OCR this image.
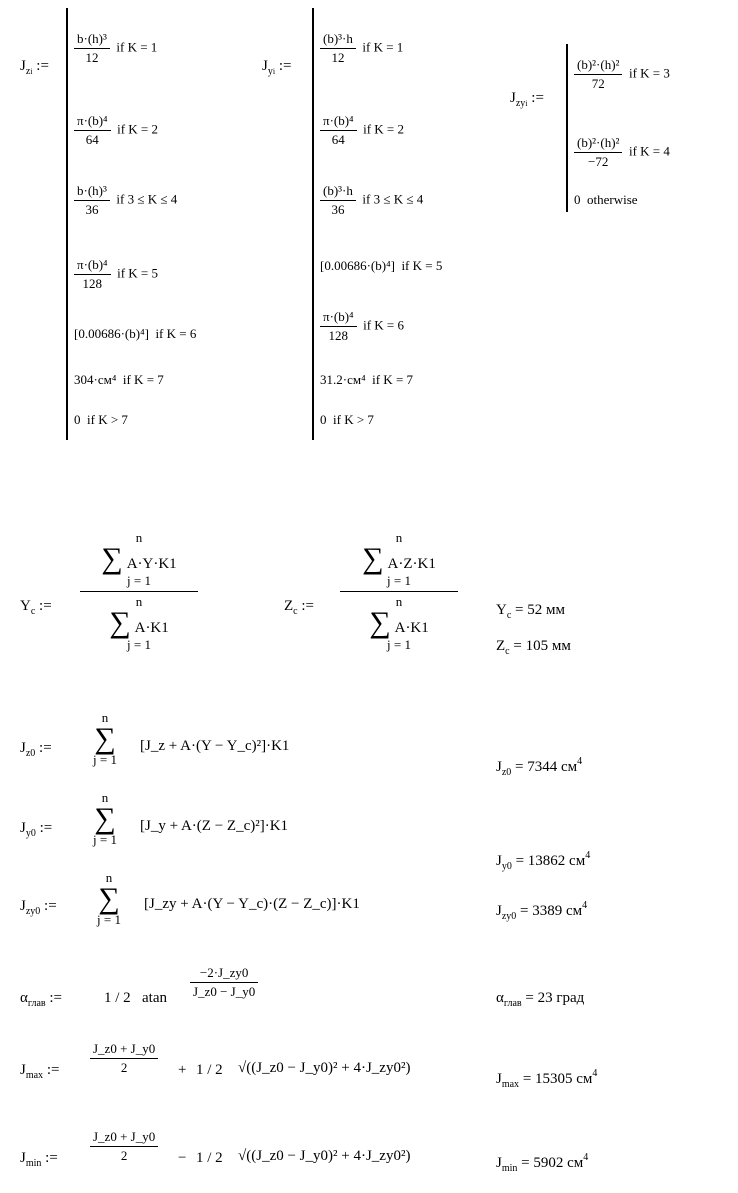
$J_{zi}$ := $\frac{\text{b·(h)³}}{12}$ if K = 1
$\frac{\text{π·(b)⁴}}{64}$ if K = 2
$\frac{\text{b·(h)³}}{36}$ if 3 ≤ K ≤ 4
$\frac{\text{π·(b)⁴}}{128}$ if K = 5
[0.00686·(b)⁴] if K = 6
304·см⁴ if K = 7
0 if K > 7
$J_{yi}$ := $\frac{\text{(b)³·h}}{12}$ if K = 1
$\frac{\text{π·(b)⁴}}{64}$ if K = 2
$\frac{\text{(b)³·h}}{36}$ if 3 ≤ K ≤ 4
[0.00686·(b)⁴] if K = 5
$\frac{\text{π·(b)⁴}}{128}$ if K = 6
31.2·см⁴ if K = 7
0 if K > 7
$J_{zyi}$ :=
$\frac{\text{(b)²·(h)²}}{72}$ if K = 3
$\frac{\text{(b)²·(h)²}}{-72}$ if K = 4
0 otherwise
$Y_c$ :=
n
∑ A·Y·K1
j = 1
n
∑ A·K1
j = 1
$Z_c$ :=
n
∑ A·Z·K1
j = 1
n
∑ A·K1
j = 1
$Y_c = 52$ мм
$Z_c = 105$ мм
$J_{z0}$ :=
n
∑
j = 1
[J_z + A·(Y − Y_c)²]·K1
$J_{z0} = 7344$ $см^4$
$J_{y0}$ :=
n
∑
j = 1
[J_y + A·(Z − Z_c)²]·K1
$J_{y0} = 13862$ $см^4$
$J_{zy0}$ :=
n
∑
j = 1
[J_zy + A·(Y − Y_c)·(Z − Z_c)]·K1	$J_{zy0} = 3389$ $см^4$
$\alpha_{глав}$ :=	1 / 2 atan $\frac{-2\cdot J\_zy0}{J\_z0 - J\_y0}$	$\alpha_{глав} = 23$ град
$J_{max}$ := $\frac{J\_z0 + J\_y0}{2} + 1 / 2$ √((J_z0 − J_y0)² + 4·J_zy0²)
$J_{max} = 15305$ $см^4$
$J_{min}$ := $\frac{J\_z0 + J\_y0}{2} - 1 / 2$ √((J_z0 − J_y0)² + 4·J_zy0²)	$J_{min} = 5902$ $см^4$
